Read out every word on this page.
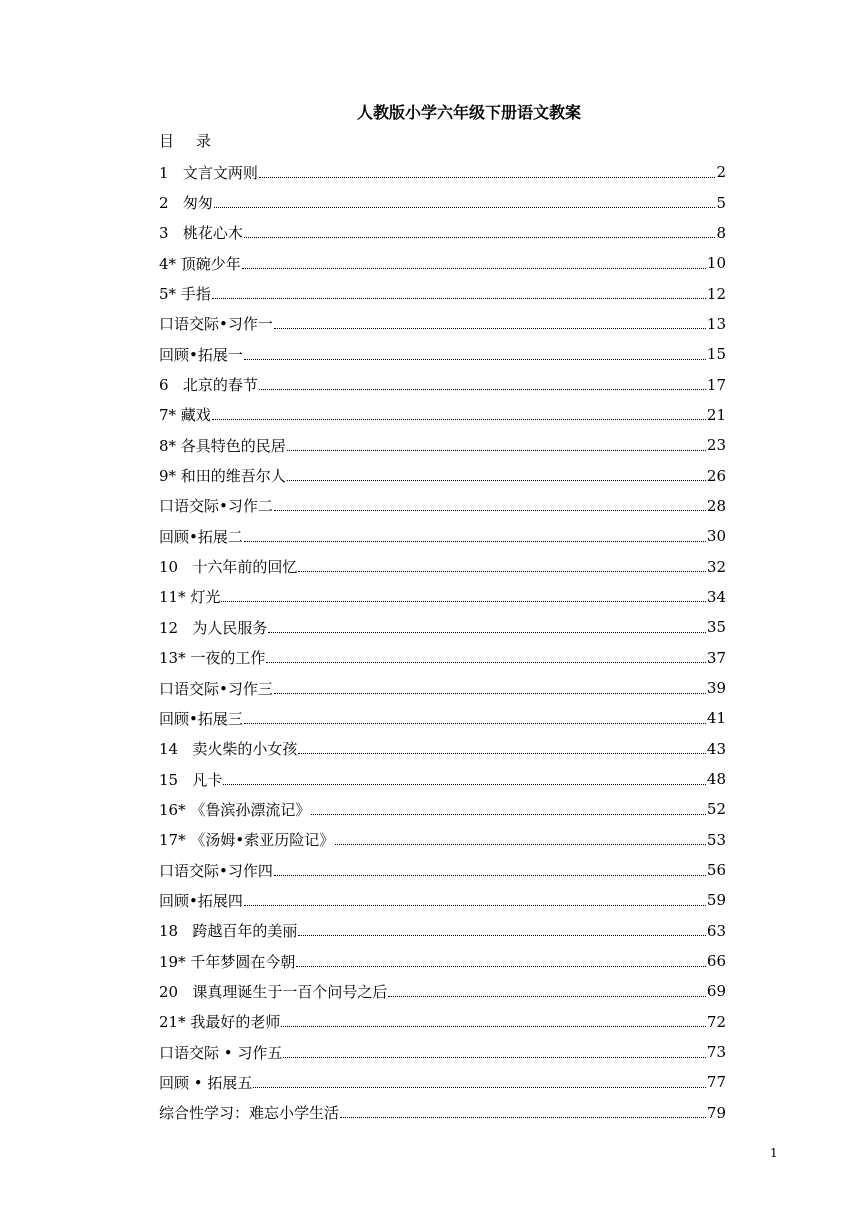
人教版小学六年级下册语文教案
目 录
1   文言文两则	2
2   匆匆	5
3   桃花心木	8
4* 顶碗少年	10
5* 手指	12
口语交际•习作一	13
回顾•拓展一	15
6   北京的春节	17
7* 藏戏	21
8* 各具特色的民居	23
9* 和田的维吾尔人	26
口语交际•习作二	28
回顾•拓展二	30
10   十六年前的回忆	32
11* 灯光	34
12   为人民服务	35
13* 一夜的工作	37
口语交际•习作三	39
回顾•拓展三	41
14   卖火柴的小女孩	43
15   凡卡	48
16* 《鲁滨孙漂流记》	52
17* 《汤姆•索亚历险记》	53
口语交际•习作四	56
回顾•拓展四	59
18   跨越百年的美丽	63
19* 千年梦圆在今朝	66
20   课真理诞生于一百个问号之后	69
21* 我最好的老师	72
口语交际 • 习作五	73
回顾 • 拓展五	77
综合性学习：难忘小学生活	79
1
